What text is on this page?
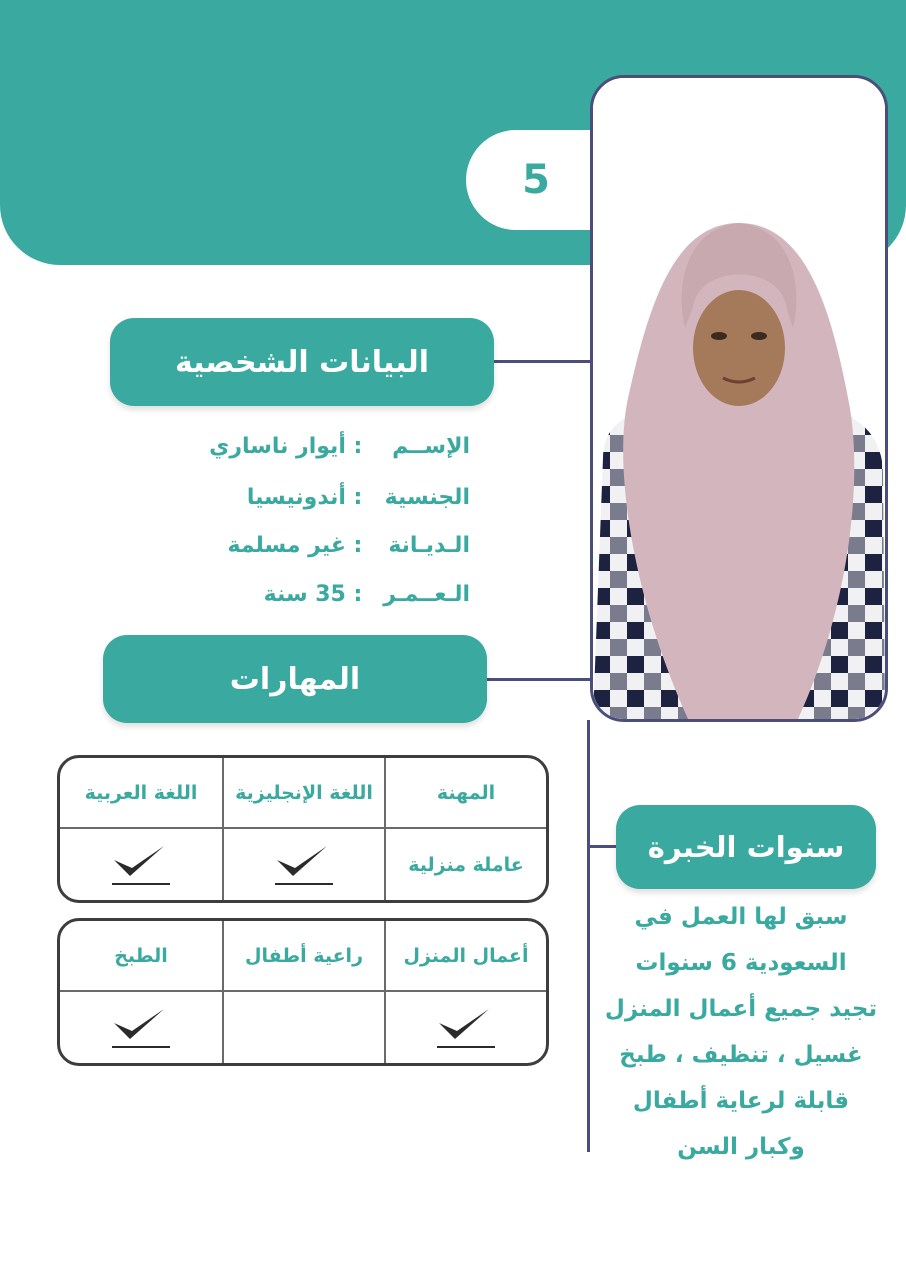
5
البيانات الشخصية
الإســم : أيوار ناساري
الجنسية : أندونيسيا
الـديـانة : غير مسلمة
الـعــمـر : 35 سنة
المهارات
المهنة
اللغة الإنجليزية
اللغة العربية
عاملة منزلية
أعمال المنزل
راعية أطفال
الطبخ
سنوات الخبرة
سبق لها العمل في
السعودية 6 سنوات
تجيد جميع أعمال المنزل
غسيل ، تنظيف ، طبخ
قابلة لرعاية أطفال
وكبار السن
